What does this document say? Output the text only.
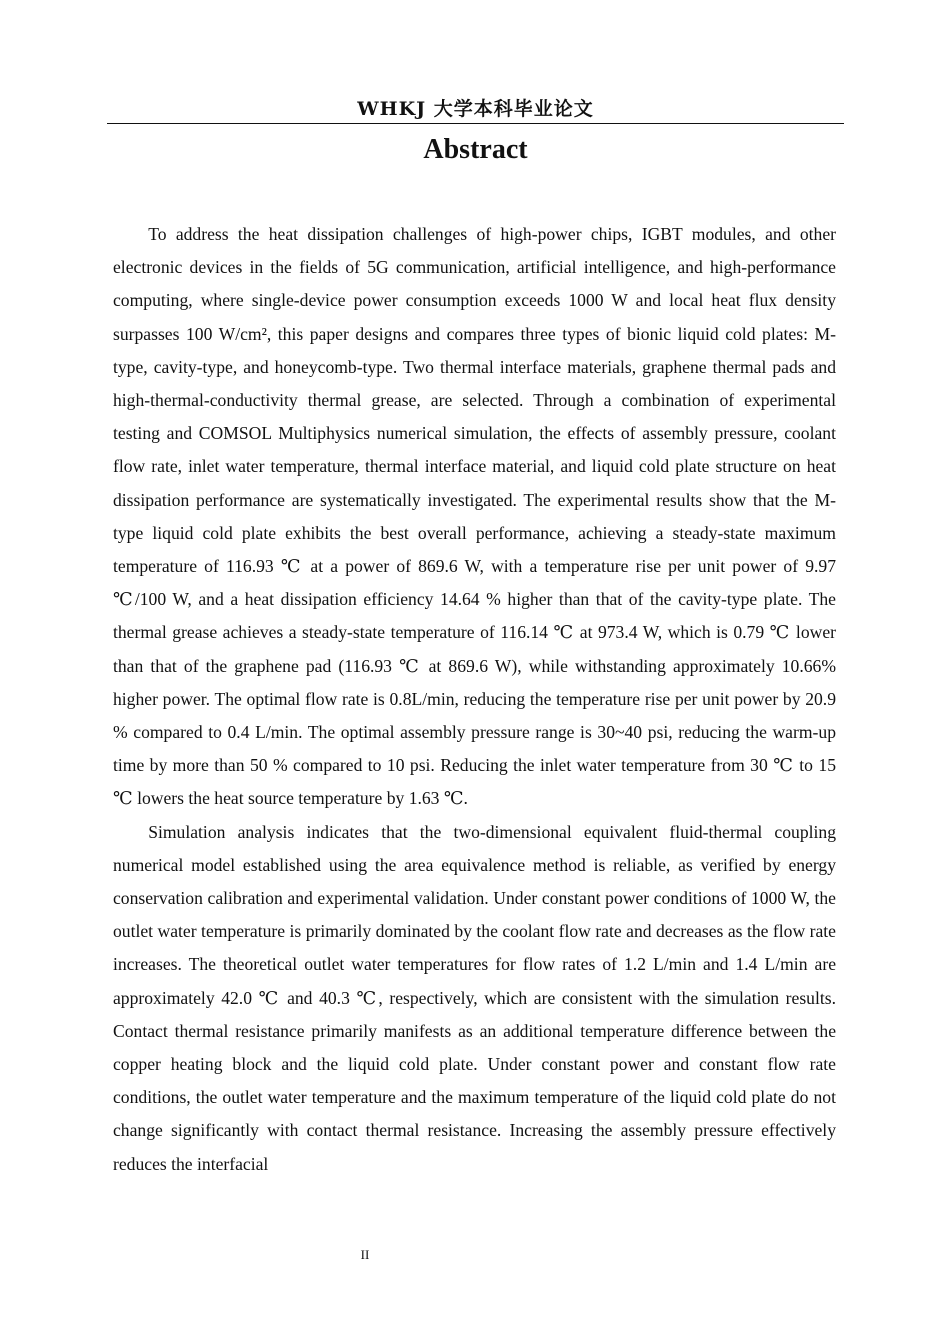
WHKJ 大学本科毕业论文
Abstract

To address the heat dissipation challenges of high-power chips, IGBT modules, and other electronic devices in the fields of 5G communication, artificial intelligence, and high-performance computing, where single-device power consumption exceeds 1000 W and local heat flux density surpasses 100 W/cm², this paper designs and compares three types of bionic liquid cold plates: M-type, cavity-type, and honeycomb-type. Two thermal interface materials, graphene thermal pads and high-thermal-conductivity thermal grease, are selected. Through a combination of experimental testing and COMSOL Multiphysics numerical simulation, the effects of assembly pressure, coolant flow rate, inlet water temperature, thermal interface material, and liquid cold plate structure on heat dissipation performance are systematically investigated. The experimental results show that the M-type liquid cold plate exhibits the best overall performance, achieving a steady-state maximum temperature of 116.93 ℃ at a power of 869.6 W, with a temperature rise per unit power of 9.97 ℃/100 W, and a heat dissipation efficiency 14.64 % higher than that of the cavity-type plate. The thermal grease achieves a steady-state temperature of 116.14 ℃ at 973.4 W, which is 0.79 ℃ lower than that of the graphene pad (116.93 ℃ at 869.6 W), while withstanding approximately 10.66% higher power. The optimal flow rate is 0.8L/min, reducing the temperature rise per unit power by 20.9 % compared to 0.4 L/min. The optimal assembly pressure range is 30~40 psi, reducing the warm-up time by more than 50 % compared to 10 psi. Reducing the inlet water temperature from 30 ℃ to 15 ℃ lowers the heat source temperature by 1.63 ℃.

Simulation analysis indicates that the two-dimensional equivalent fluid-thermal coupling numerical model established using the area equivalence method is reliable, as verified by energy conservation calibration and experimental validation. Under constant power conditions of 1000 W, the outlet water temperature is primarily dominated by the coolant flow rate and decreases as the flow rate increases. The theoretical outlet water temperatures for flow rates of 1.2 L/min and 1.4 L/min are approximately 42.0 ℃ and 40.3 ℃, respectively, which are consistent with the simulation results. Contact thermal resistance primarily manifests as an additional temperature difference between the copper heating block and the liquid cold plate. Under constant power and constant flow rate conditions, the outlet water temperature and the maximum temperature of the liquid cold plate do not change significantly with contact thermal resistance. Increasing the assembly pressure effectively reduces the interfacial

II
